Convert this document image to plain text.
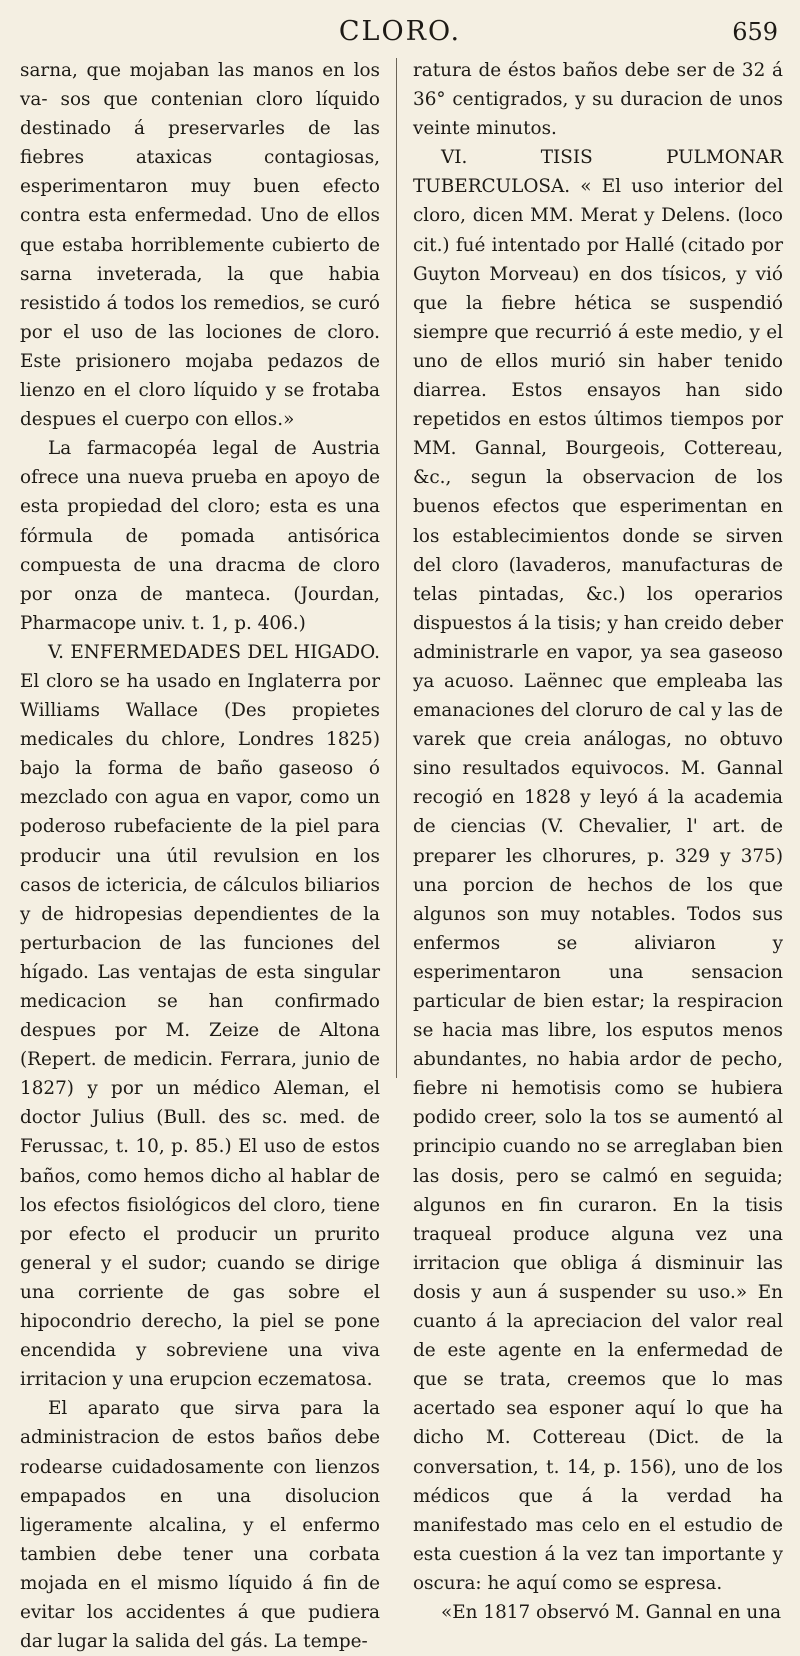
CLORO.	659

sarna, que mojaban las manos en los va- sos que contenian cloro líquido destinado á preservarles de las fiebres ataxicas contagiosas, esperimentaron muy buen efecto contra esta enfermedad. Uno de ellos que estaba horriblemente cubierto de sarna inveterada, la que habia resistido á todos los remedios, se curó por el uso de las lociones de cloro. Este prisionero mojaba pedazos de lienzo en el cloro líquido y se frotaba despues el cuerpo con ellos.»

La farmacopéa legal de Austria ofrece una nueva prueba en apoyo de esta propiedad del cloro; esta es una fórmula de pomada antisórica compuesta de una dracma de cloro por onza de manteca. (Jourdan, Pharmacope univ. t. 1, p. 406.)

V. ENFERMEDADES DEL HIGADO. El cloro se ha usado en Inglaterra por Williams Wallace (Des propietes medicales du chlore, Londres 1825) bajo la forma de baño gaseoso ó mezclado con agua en vapor, como un poderoso rubefaciente de la piel para producir una útil revulsion en los casos de ictericia, de cálculos biliarios y de hidropesias dependientes de la perturbacion de las funciones del hígado. Las ventajas de esta singular medicacion se han confirmado despues por M. Zeize de Altona (Repert. de medicin. Ferrara, junio de 1827) y por un médico Aleman, el doctor Julius (Bull. des sc. med. de Ferussac, t. 10, p. 85.) El uso de estos baños, como hemos dicho al hablar de los efectos fisiológicos del cloro, tiene por efecto el producir un prurito general y el sudor; cuando se dirige una corriente de gas sobre el hipocondrio derecho, la piel se pone encendida y sobreviene una viva irritacion y una erupcion eczematosa.

El aparato que sirva para la administracion de estos baños debe rodearse cuidadosamente con lienzos empapados en una disolucion ligeramente alcalina, y el enfermo tambien debe tener una corbata mojada en el mismo líquido á fin de evitar los accidentes á que pudiera dar lugar la salida del gás. La tempe-

ratura de éstos baños debe ser de 32 á 36° centigrados, y su duracion de unos veinte minutos.

VI. TISIS PULMONAR TUBERCULOSA. « El uso interior del cloro, dicen MM. Merat y Delens. (loco cit.) fué intentado por Hallé (citado por Guyton Morveau) en dos tísicos, y vió que la fiebre hética se suspendió siempre que recurrió á este medio, y el uno de ellos murió sin haber tenido diarrea. Estos ensayos han sido repetidos en estos últimos tiempos por MM. Gannal, Bourgeois, Cottereau, &c., segun la observacion de los buenos efectos que esperimentan en los establecimientos donde se sirven del cloro (lavaderos, manufacturas de telas pintadas, &c.) los operarios dispuestos á la tisis; y han creido deber administrarle en vapor, ya sea gaseoso ya acuoso. Laënnec que empleaba las emanaciones del cloruro de cal y las de varek que creia análogas, no obtuvo sino resultados equivocos. M. Gannal recogió en 1828 y leyó á la academia de ciencias (V. Chevalier, l' art. de preparer les clhorures, p. 329 y 375) una porcion de hechos de los que algunos son muy notables. Todos sus enfermos se aliviaron y esperimentaron una sensacion particular de bien estar; la respiracion se hacia mas libre, los esputos menos abundantes, no habia ardor de pecho, fiebre ni hemotisis como se hubiera podido creer, solo la tos se aumentó al principio cuando no se arreglaban bien las dosis, pero se calmó en seguida; algunos en fin curaron. En la tisis traqueal produce alguna vez una irritacion que obliga á disminuir las dosis y aun á suspender su uso.» En cuanto á la apreciacion del valor real de este agente en la enfermedad de que se trata, creemos que lo mas acertado sea esponer aquí lo que ha dicho M. Cottereau (Dict. de la conversation, t. 14, p. 156), uno de los médicos que á la verdad ha manifestado mas celo en el estudio de esta cuestion á la vez tan importante y oscura: he aquí como se espresa.

«En 1817 observó M. Gannal en una
